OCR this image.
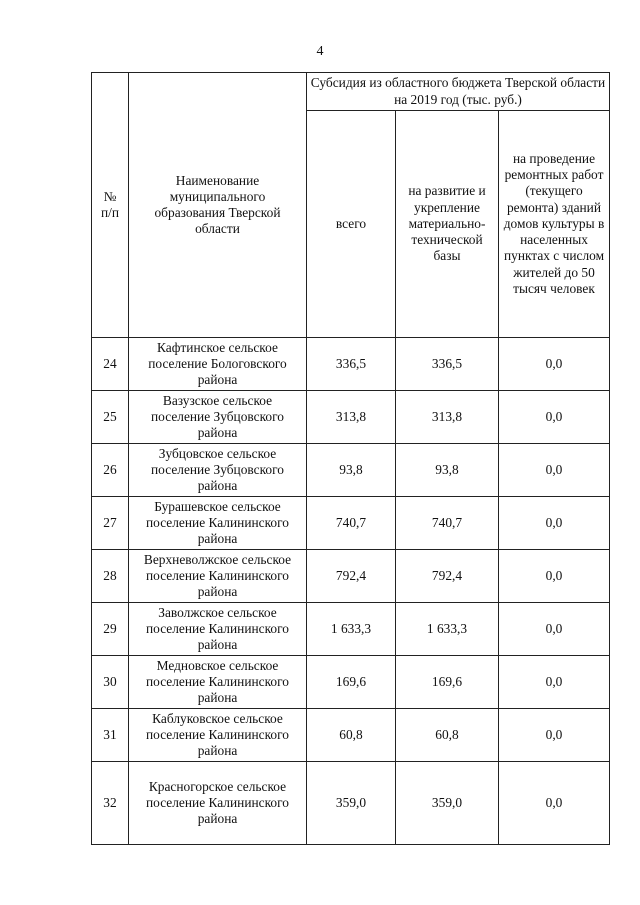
4
№
п/п	Наименование муниципального образования Тверской области	Субсидия из областного бюджета Тверской области на 2019 год (тыс. руб.)		
		всего	на развитие и укрепление материально-технической базы	на проведение ремонтных работ (текущего ремонта) зданий домов культуры в населенных пунктах с числом жителей до 50 тысяч человек
24	Кафтинское сельское поселение Бологовского района	336,5	336,5	0,0
25	Вазузское сельское поселение Зубцовского района	313,8	313,8	0,0
26	Зубцовское сельское поселение Зубцовского района	93,8	93,8	0,0
27	Бурашевское сельское поселение Калининского района	740,7	740,7	0,0
28	Верхневолжское сельское поселение Калининского района	792,4	792,4	0,0
29	Заволжское сельское поселение Калининского района	1 633,3	1 633,3	0,0
30	Медновское сельское поселение Калининского района	169,6	169,6	0,0
31	Каблуковское сельское поселение Калининского района	60,8	60,8	0,0
32	Красногорское сельское поселение Калининского района	359,0	359,0	0,0
